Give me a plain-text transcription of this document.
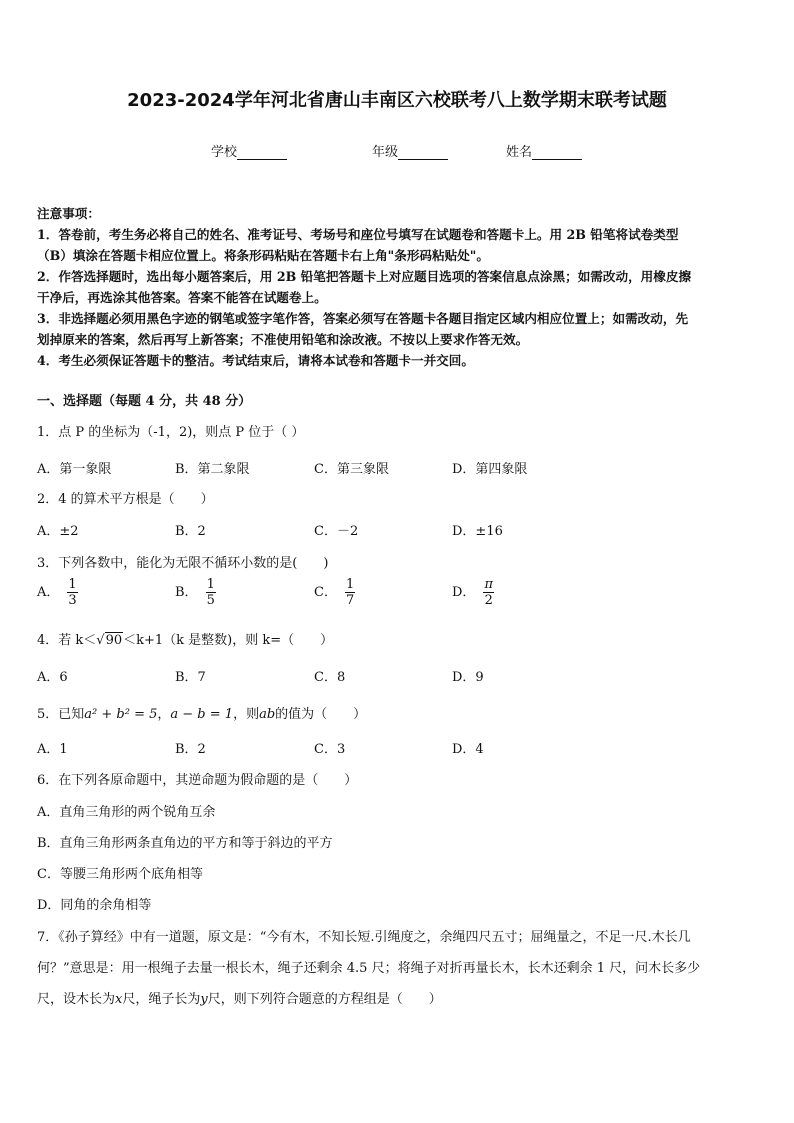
2023-2024学年河北省唐山丰南区六校联考八上数学期末联考试题
学校	年级	姓名
注意事项：
1．答卷前，考生务必将自己的姓名、准考证号、考场号和座位号填写在试题卷和答题卡上。用 2B 铅笔将试卷类型
（B）填涂在答题卡相应位置上。将条形码粘贴在答题卡右上角"条形码粘贴处"。
2．作答选择题时，选出每小题答案后，用 2B 铅笔把答题卡上对应题目选项的答案信息点涂黑；如需改动，用橡皮擦
干净后，再选涂其他答案。答案不能答在试题卷上。
3．非选择题必须用黑色字迹的钢笔或签字笔作答，答案必须写在答题卡各题目指定区域内相应位置上；如需改动，先
划掉原来的答案，然后再写上新答案；不准使用铅笔和涂改液。不按以上要求作答无效。
4．考生必须保证答题卡的整洁。考试结束后，请将本试卷和答题卡一并交回。
一、选择题（每题 4 分，共 48 分）
1．点 P 的坐标为（-1，2)，则点 P 位于（ ）
A．第一象限	B．第二象限	C．第三象限	D．第四象限
2．4 的算术平方根是（　　）
A．±2	B．2	C．－2	D．±16
3．下列各数中，能化为无限不循环小数的是(　　)
A． $\frac{1}{3}$	B． $\frac{1}{5}$	C． $\frac{1}{7}$	D． $\frac{\pi}{2}$
4．若 k＜√90＜k+1（k 是整数)，则 k=（　　）
A．6	B．7	C．8	D．9
5．已知a² + b² = 5，a − b = 1，则ab的值为（　　）
A．1	B．2	C．3	D．4
6．在下列各原命题中，其逆命题为假命题的是（　　）
A．直角三角形的两个锐角互余
B．直角三角形两条直角边的平方和等于斜边的平方
C．等腰三角形两个底角相等
D．同角的余角相等
7．《孙子算经》中有一道题，原文是：“今有木，不知长短.引绳度之，余绳四尺五寸；屈绳量之，不足一尺.木长几
何？”意思是：用一根绳子去量一根长木，绳子还剩余 4.5 尺；将绳子对折再量长木，长木还剩余 1 尺，问木长多少
尺，设木长为x尺，绳子长为y尺，则下列符合题意的方程组是（　　）
